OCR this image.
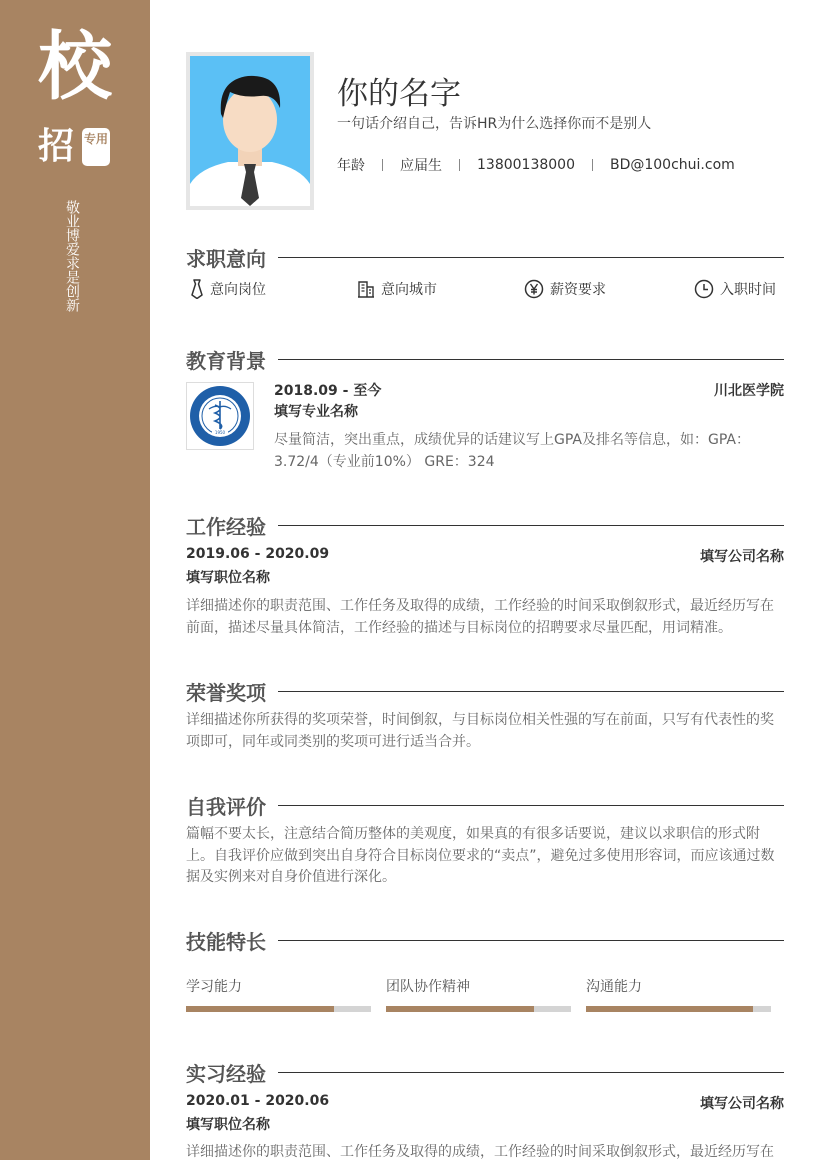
校
招 专用
敬业博爱求是创新
你的名字
一句话介绍自己，告诉HR为什么选择你而不是别人
年龄	应届生	13800138000	BD@100chui.com
求职意向
意向岗位	意向城市	薪资要求	入职时间
教育背景
1950
2018.09 - 至今	川北医学院
填写专业名称
尽量简洁，突出重点，成绩优异的话建议写上GPA及排名等信息，如：GPA：3.72/4（专业前10%） GRE：324
工作经验
2019.06 - 2020.09	填写公司名称
填写职位名称
详细描述你的职责范围、工作任务及取得的成绩，工作经验的时间采取倒叙形式，最近经历写在前面，描述尽量具体简洁，工作经验的描述与目标岗位的招聘要求尽量匹配，用词精准。
荣誉奖项
详细描述你所获得的奖项荣誉，时间倒叙，与目标岗位相关性强的写在前面，只写有代表性的奖项即可，同年或同类别的奖项可进行适当合并。
自我评价
篇幅不要太长，注意结合简历整体的美观度，如果真的有很多话要说，建议以求职信的形式附上。自我评价应做到突出自身符合目标岗位要求的“卖点”，避免过多使用形容词，而应该通过数据及实例来对自身价值进行深化。
技能特长
学习能力	团队协作精神	沟通能力
实习经验
2020.01 - 2020.06	填写公司名称
填写职位名称
详细描述你的职责范围、工作任务及取得的成绩，工作经验的时间采取倒叙形式，最近经历写在
